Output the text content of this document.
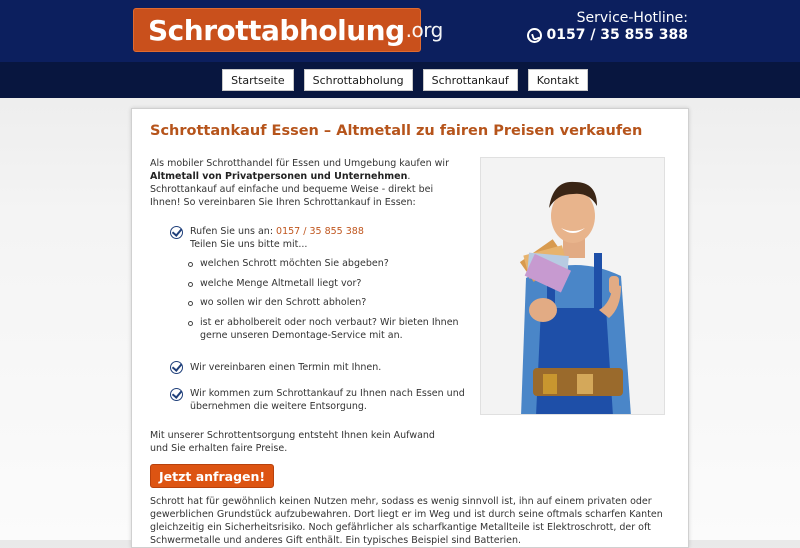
Schrottabholung .org	Service-Hotline:
0157 / 35 855 388
Startseite	Schrottabholung	Schrottankauf	Kontakt
Schrottankauf Essen – Altmetall zu fairen Preisen verkaufen

Als mobiler Schrotthandel für Essen und Umgebung kaufen wir Altmetall von Privatpersonen und Unternehmen. Schrottankauf auf einfache und bequeme Weise - direkt bei Ihnen! So vereinbaren Sie Ihren Schrottankauf in Essen:

Rufen Sie uns an: 0157 / 35 855 388
Teilen Sie uns bitte mit...
welchen Schrott möchten Sie abgeben?
welche Menge Altmetall liegt vor?
wo sollen wir den Schrott abholen?
ist er abholbereit oder noch verbaut? Wir bieten Ihnen gerne unseren Demontage-Service mit an.
Wir vereinbaren einen Termin mit Ihnen.
Wir kommen zum Schrottankauf zu Ihnen nach Essen und übernehmen die weitere Entsorgung.

Mit unserer Schrottentsorgung entsteht Ihnen kein Aufwand und Sie erhalten faire Preise.

Jetzt anfragen!

Schrott hat für gewöhnlich keinen Nutzen mehr, sodass es wenig sinnvoll ist, ihn auf einem privaten oder gewerblichen Grundstück aufzubewahren. Dort liegt er im Weg und ist durch seine oftmals scharfen Kanten gleichzeitig ein Sicherheitsrisiko. Noch gefährlicher als scharfkantige Metallteile ist Elektroschrott, der oft Schwermetalle und anderes Gift enthält. Ein typisches Beispiel sind Batterien.
